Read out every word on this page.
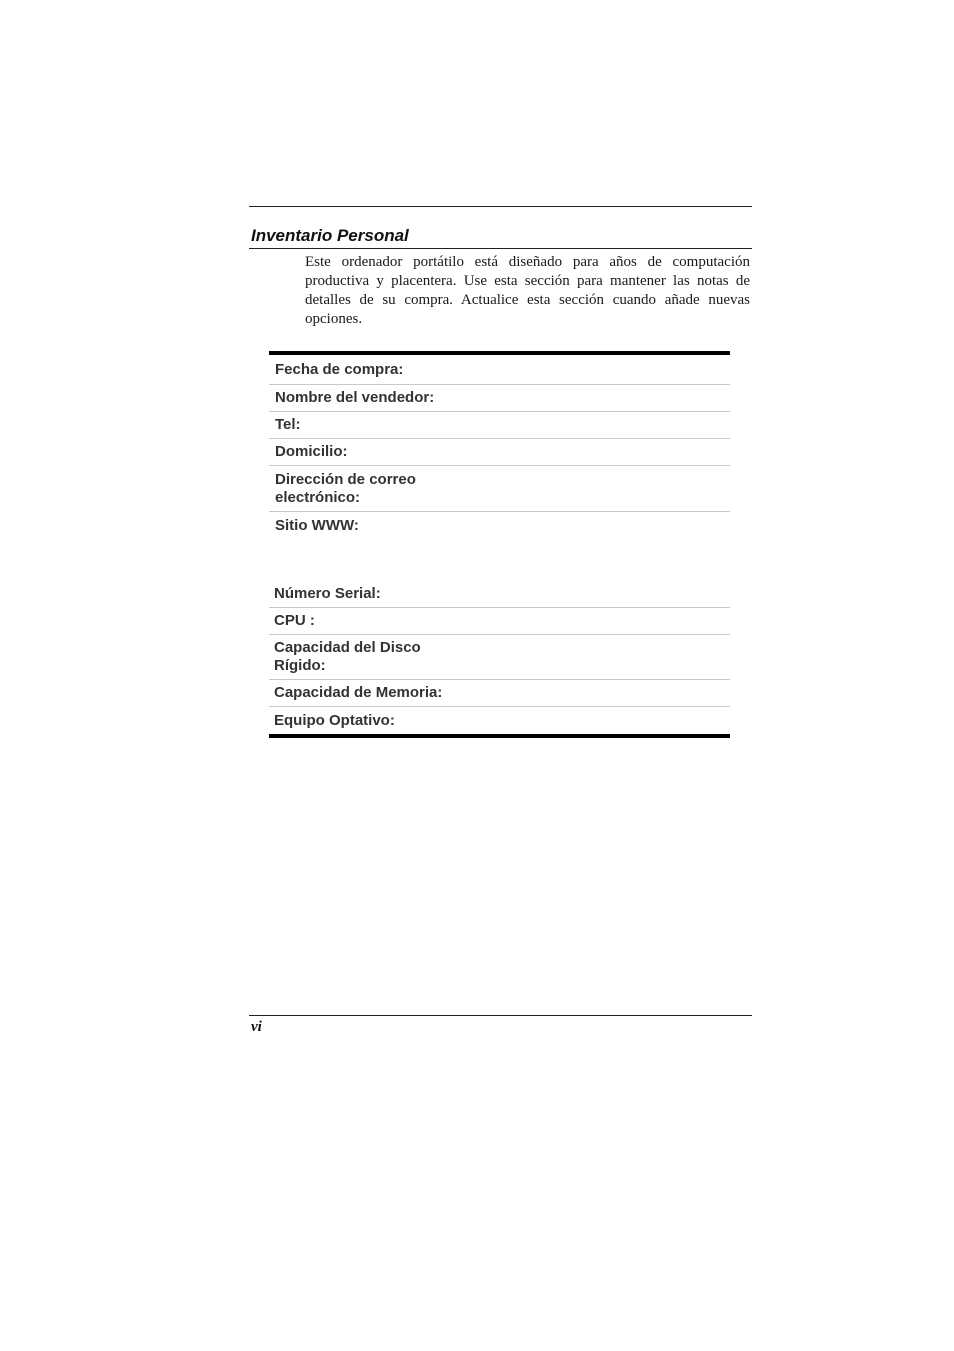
Inventario Personal

Este ordenador portátilo está diseñado para años de computación productiva y placentera. Use esta sección para mantener las notas de detalles de su compra. Actualice esta sección cuando añade nuevas opciones.

Fecha de compra:
Nombre del vendedor:
Tel:
Domicilio:
Dirección de correo electrónico:
Sitio WWW:
Número Serial:
CPU :
Capacidad del Disco Rígido:
Capacidad de Memoria:
Equipo Optativo:
vi
